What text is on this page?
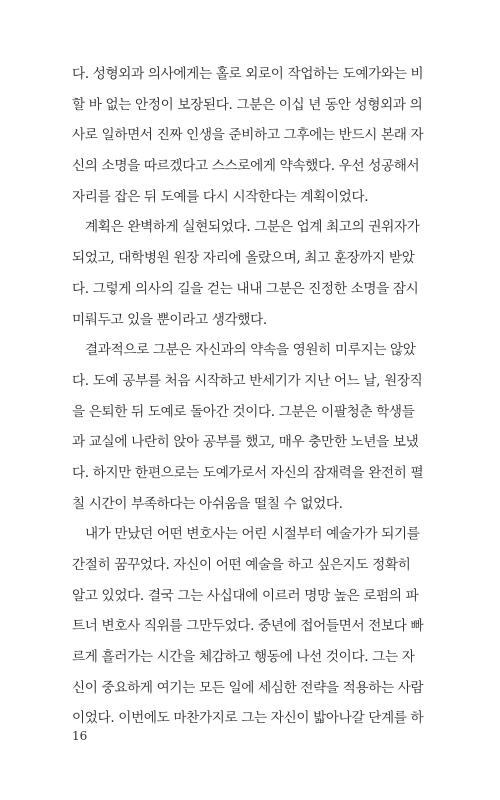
다. 성형외과 의사에게는 홀로 외로이 작업하는 도예가와는 비
할 바 없는 안정이 보장된다. 그분은 이십 년 동안 성형외과 의
사로 일하면서 진짜 인생을 준비하고 그후에는 반드시 본래 자
신의 소명을 따르겠다고 스스로에게 약속했다. 우선 성공해서
자리를 잡은 뒤 도예를 다시 시작한다는 계획이었다.

계획은 완벽하게 실현되었다. 그분은 업계 최고의 권위자가
되었고, 대학병원 원장 자리에 올랐으며, 최고 훈장까지 받았
다. 그렇게 의사의 길을 걷는 내내 그분은 진정한 소명을 잠시
미뤄두고 있을 뿐이라고 생각했다.

결과적으로 그분은 자신과의 약속을 영원히 미루지는 않았
다. 도예 공부를 처음 시작하고 반세기가 지난 어느 날, 원장직
을 은퇴한 뒤 도예로 돌아간 것이다. 그분은 이팔청춘 학생들
과 교실에 나란히 앉아 공부를 했고, 매우 충만한 노년을 보냈
다. 하지만 한편으로는 도예가로서 자신의 잠재력을 완전히 펼
칠 시간이 부족하다는 아쉬움을 떨칠 수 없었다.

내가 만났던 어떤 변호사는 어린 시절부터 예술가가 되기를
간절히 꿈꾸었다. 자신이 어떤 예술을 하고 싶은지도 정확히
알고 있었다. 결국 그는 사십대에 이르러 명망 높은 로펌의 파
트너 변호사 직위를 그만두었다. 중년에 접어들면서 전보다 빠
르게 흘러가는 시간을 체감하고 행동에 나선 것이다. 그는 자
신이 중요하게 여기는 모든 일에 세심한 전략을 적용하는 사람
이었다. 이번에도 마찬가지로 그는 자신이 밟아나갈 단계를 하

16
